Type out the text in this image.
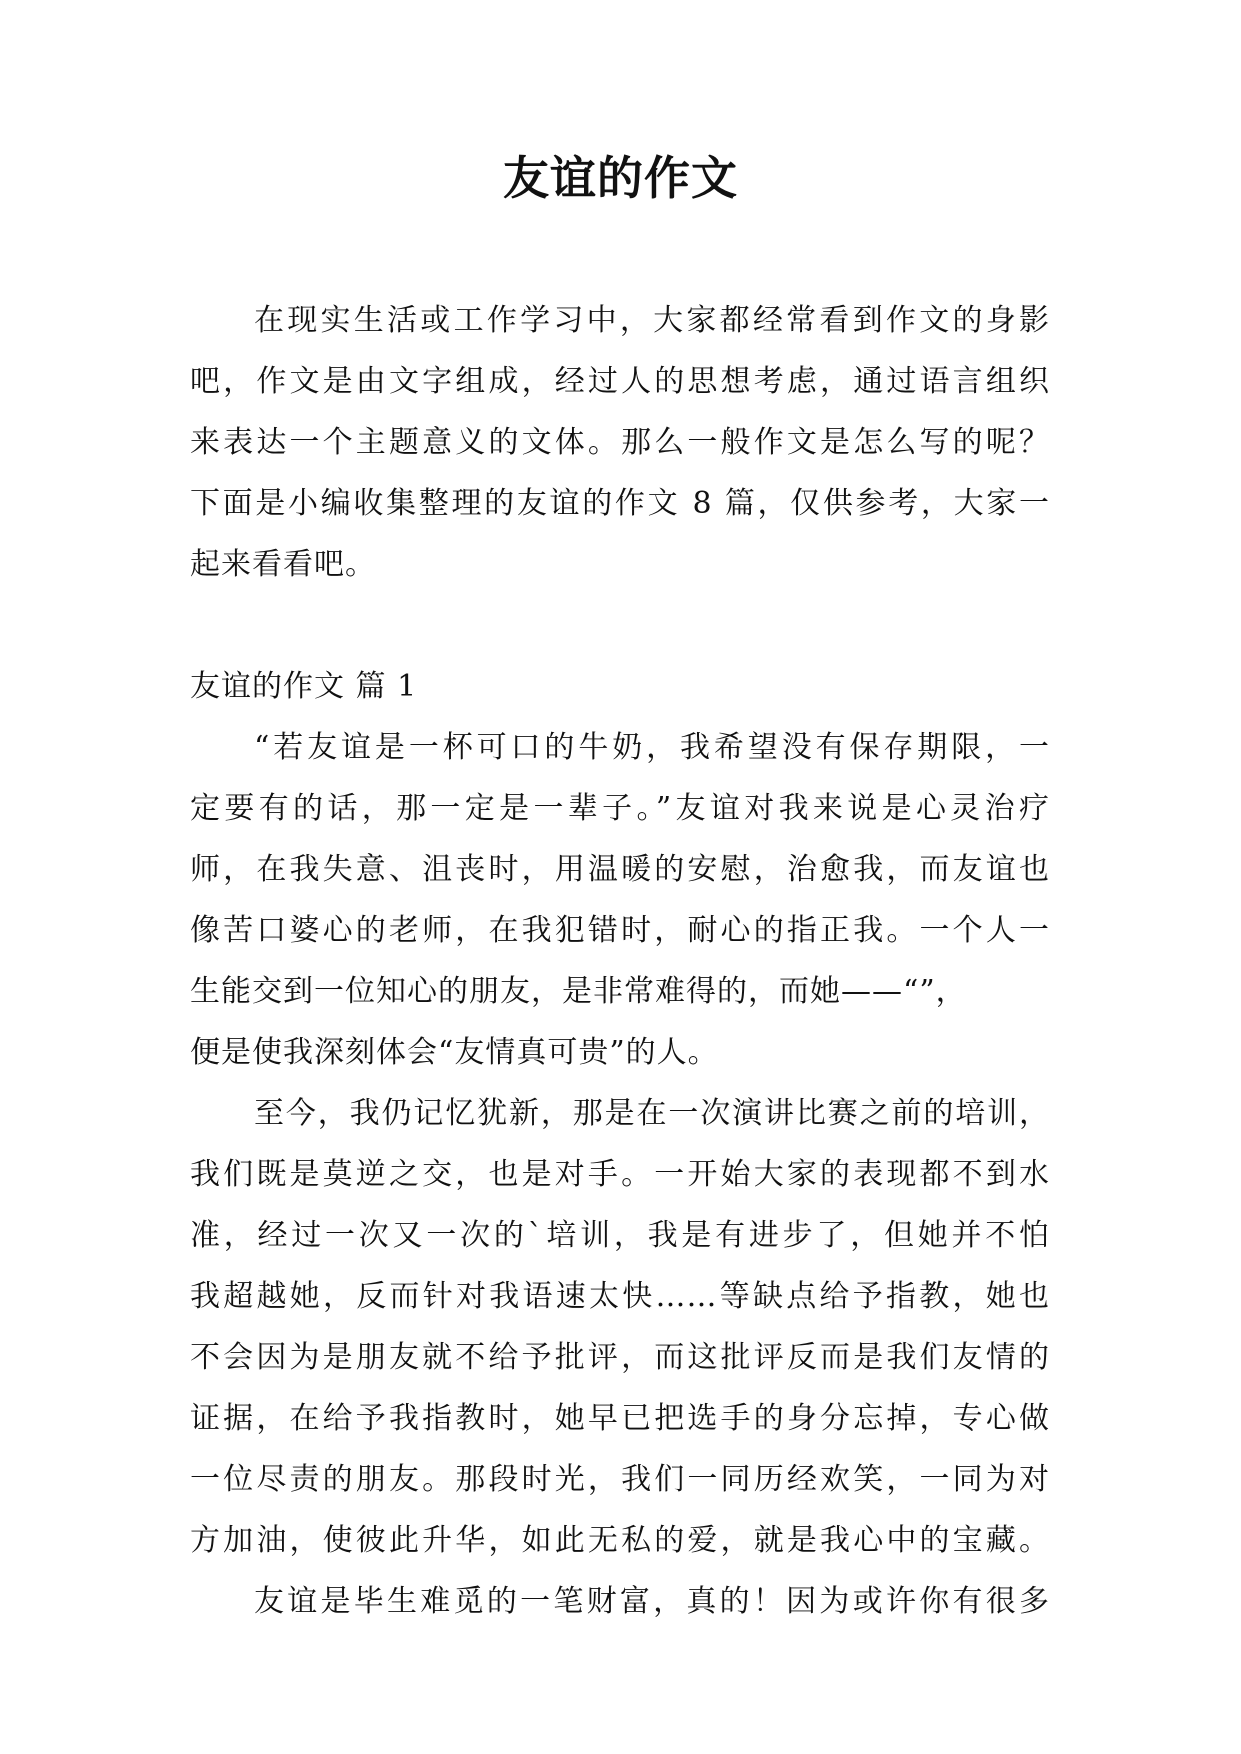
友谊的作文
在现实生活或工作学习中，大家都经常看到作文的身影
吧，作文是由文字组成，经过人的思想考虑，通过语言组织
来表达一个主题意义的文体。那么一般作文是怎么写的呢？
下面是小编收集整理的友谊的作文 8 篇，仅供参考，大家一
起来看看吧。
友谊的作文 篇 1
“若友谊是一杯可口的牛奶，我希望没有保存期限，一
定要有的话，那一定是一辈子。”友谊对我来说是心灵治疗
师，在我失意、沮丧时，用温暖的安慰，治愈我，而友谊也
像苦口婆心的老师，在我犯错时，耐心的指正我。一个人一
生能交到一位知心的朋友，是非常难得的，而她——“”，
便是使我深刻体会“友情真可贵”的人。
至今，我仍记忆犹新，那是在一次演讲比赛之前的培训，
我们既是莫逆之交，也是对手。一开始大家的表现都不到水
准，经过一次又一次的`培训，我是有进步了，但她并不怕
我超越她，反而针对我语速太快……等缺点给予指教，她也
不会因为是朋友就不给予批评，而这批评反而是我们友情的
证据，在给予我指教时，她早已把选手的身分忘掉，专心做
一位尽责的朋友。那段时光，我们一同历经欢笑，一同为对
方加油，使彼此升华，如此无私的爱，就是我心中的宝藏。
友谊是毕生难觅的一笔财富，真的！因为或许你有很多
